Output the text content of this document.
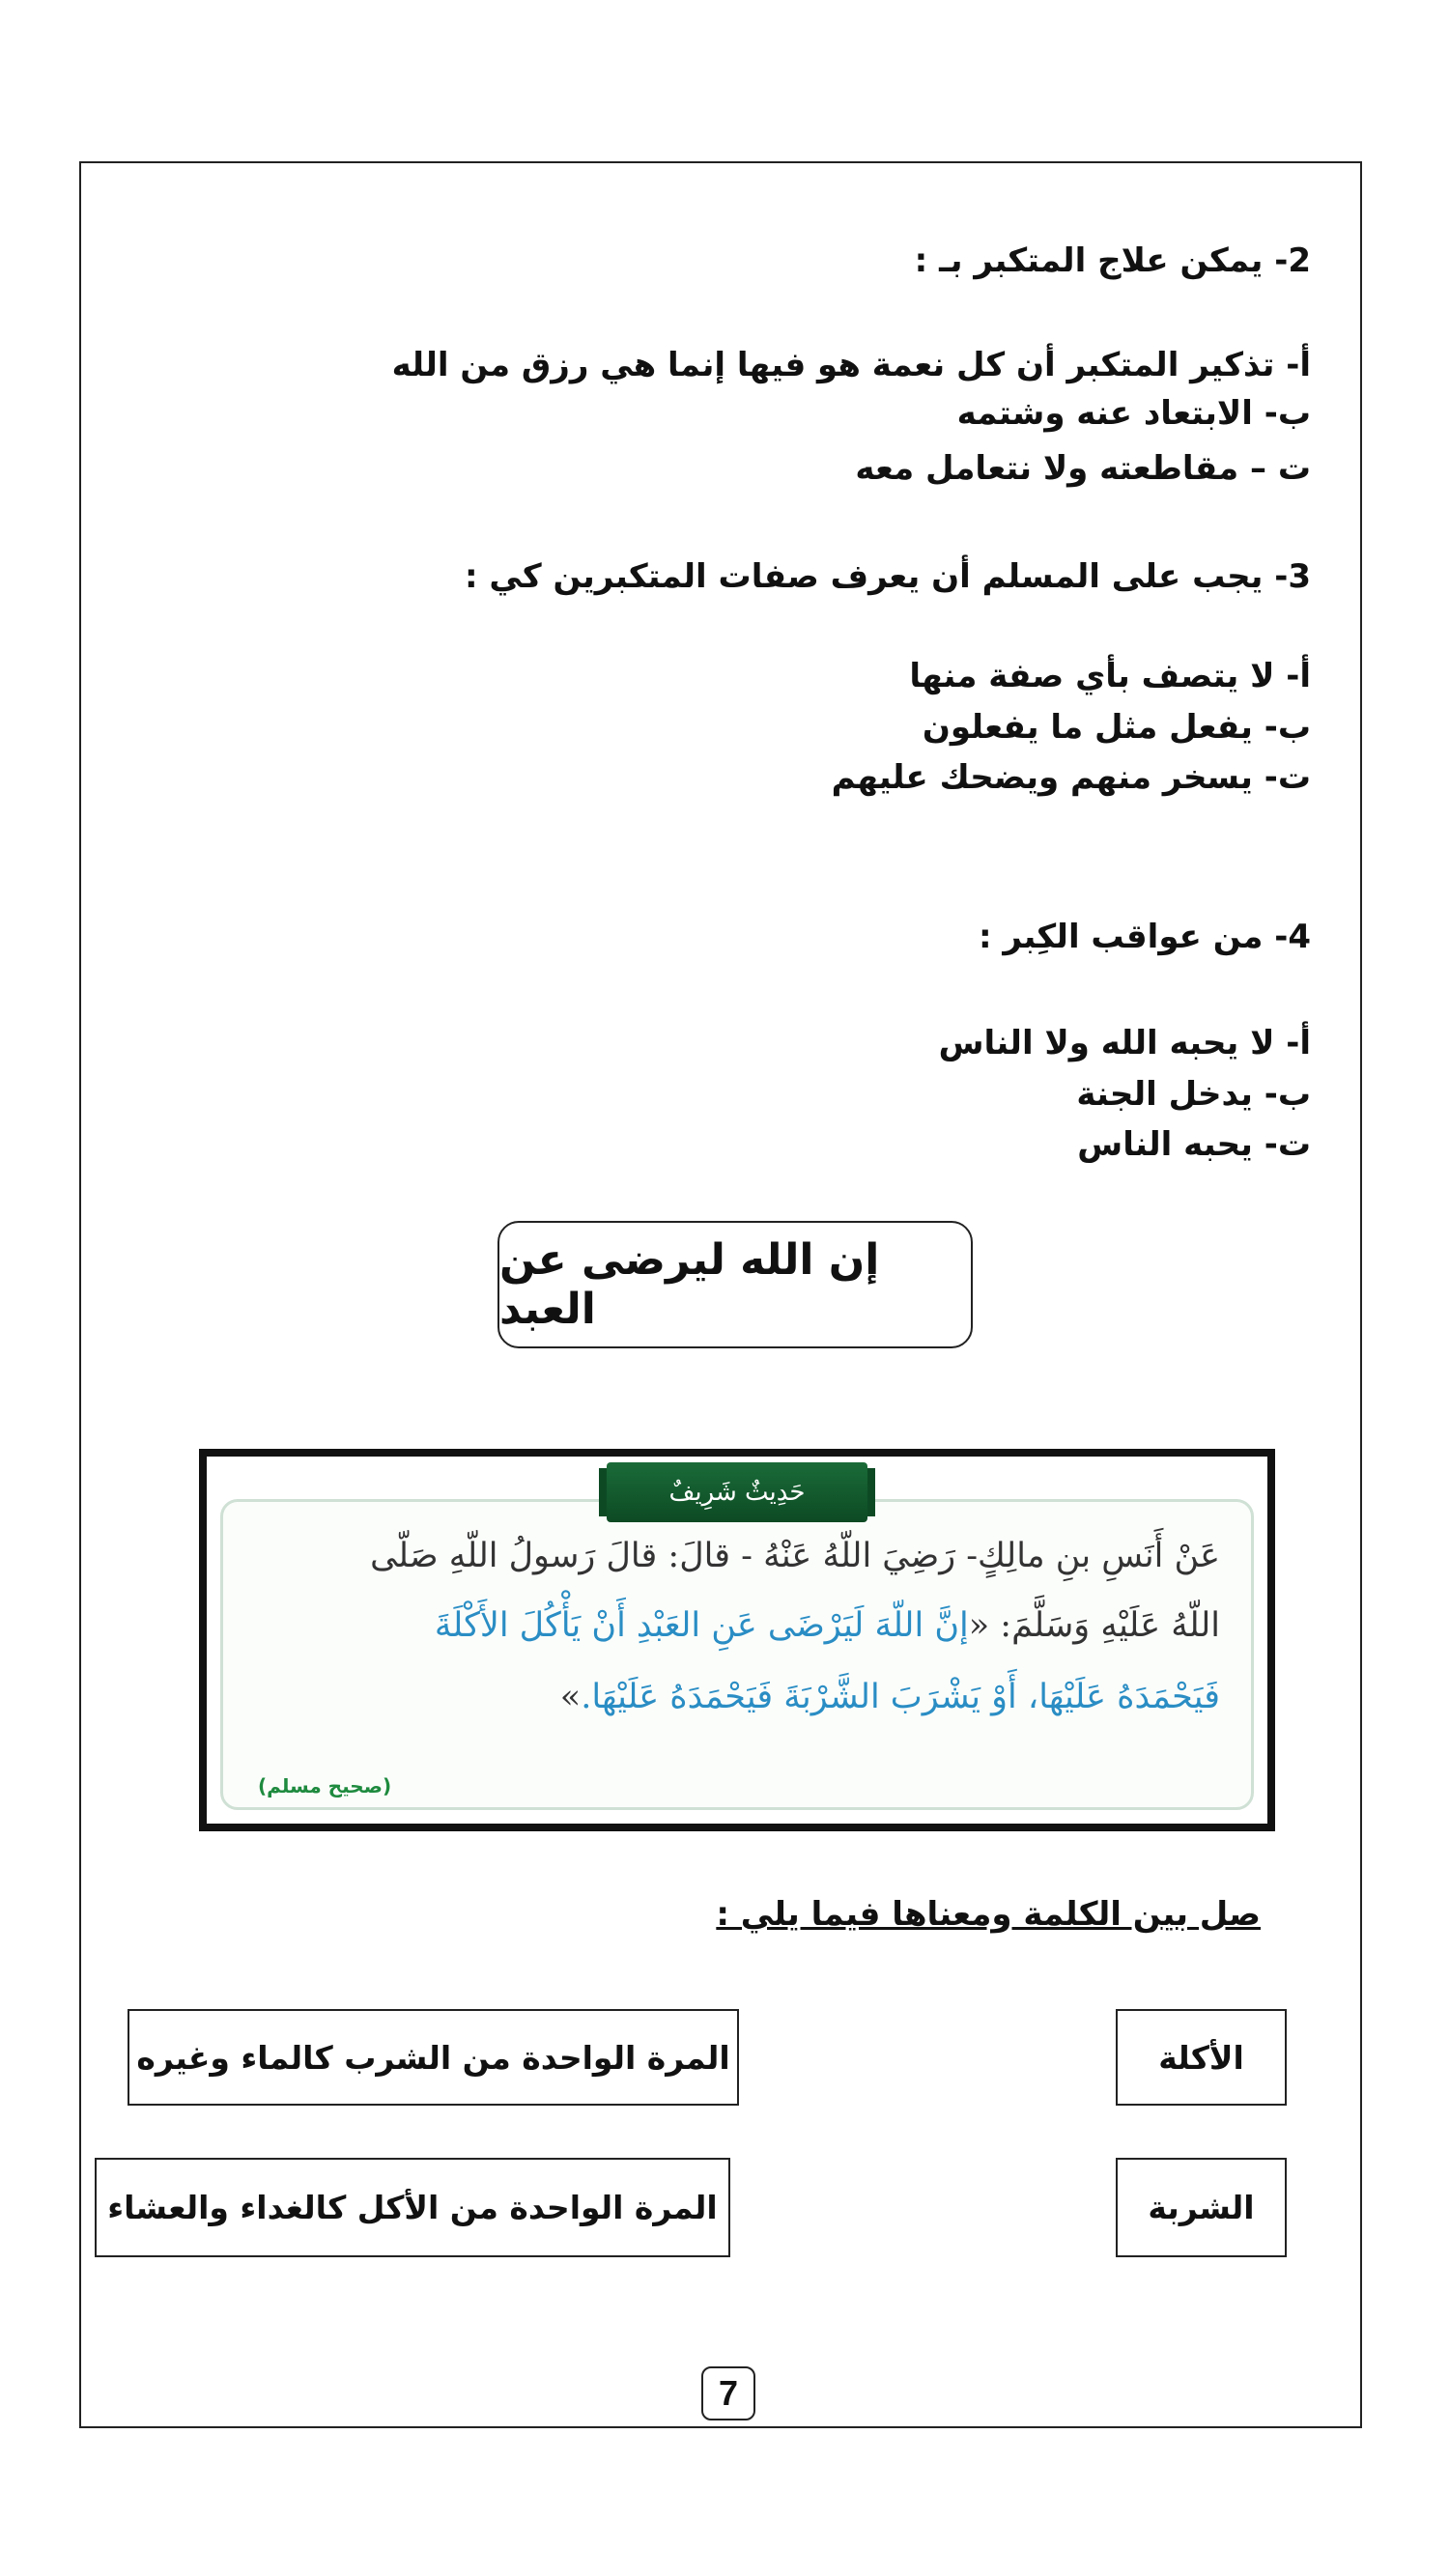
2- يمكن علاج المتكبر بـ :
أ- تذكير المتكبر أن كل نعمة هو فيها إنما هي رزق من الله
ب- الابتعاد عنه وشتمه
ت – مقاطعته ولا نتعامل معه
3- يجب على المسلم أن يعرف صفات المتكبرين كي :
أ- لا يتصف بأي صفة منها
ب- يفعل مثل ما يفعلون
ت- يسخر منهم ويضحك عليهم
4- من عواقب الكِبر :
أ- لا يحبه الله ولا الناس
ب- يدخل الجنة
ت- يحبه الناس
إن الله ليرضى عن العبد
عَنْ أَنَسِ بنِ مالِكٍ- رَضِيَ اللّهُ عَنْهُ - قالَ: قالَ رَسولُ اللّهِ صَلّى
اللّهُ عَلَيْهِ وَسَلَّمَ: «إنَّ اللّهَ لَيَرْضَى عَنِ العَبْدِ أَنْ يَأْكُلَ الأَكْلَةَ
فَيَحْمَدَهُ عَلَيْهَا، أَوْ يَشْرَبَ الشَّرْبَةَ فَيَحْمَدَهُ عَلَيْهَا.»
(صحيح مسلم)
حَدِيثٌ شَرِيفٌ
صل بين الكلمة ومعناها فيما يلي :
الأكلة
المرة الواحدة من الشرب كالماء وغيره
الشربة
المرة الواحدة من الأكل كالغداء والعشاء
7
